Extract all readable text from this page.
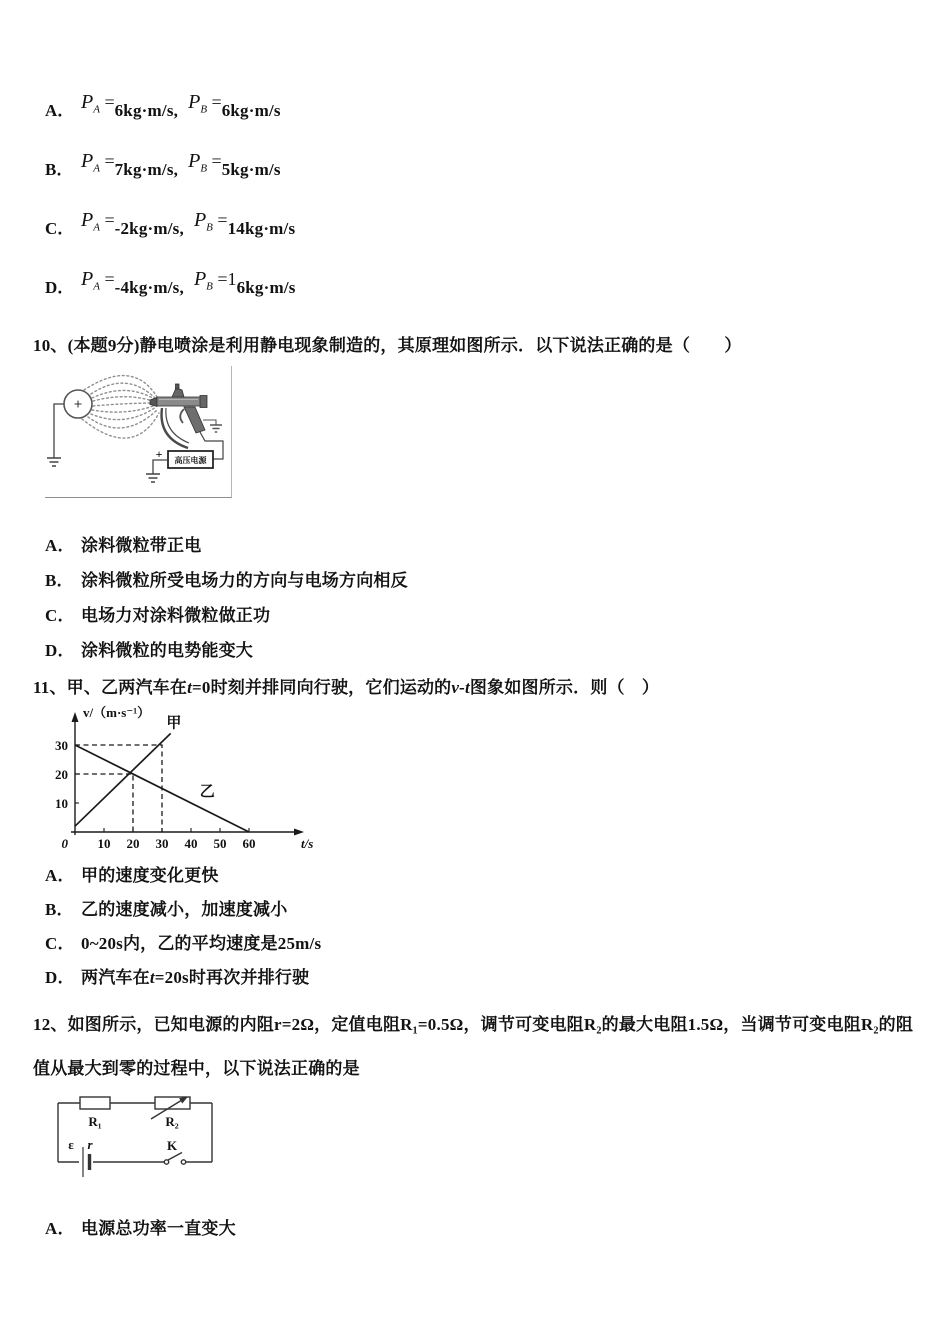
A． $P_A = 6kg\cdot m/s$, $P_B = 6kg\cdot m/s$
B． $P_A = 7kg\cdot m/s$, $P_B = 5kg\cdot m/s$
C． $P_A = -2kg\cdot m/s$, $P_B = 14kg\cdot m/s$
D． $P_A = -4kg\cdot m/s$, $P_B =1$ 6kg·m/s
10、(本题9分)静电喷涂是利用静电现象制造的，其原理如图所示．以下说法正确的是（　　）
+
高压电源
+
A． 涂料微粒带正电
B． 涂料微粒所受电场力的方向与电场方向相反
C． 电场力对涂料微粒做正功
D． 涂料微粒的电势能变大
11、甲、乙两汽车在t=0时刻并排同向行驶，它们运动的v-t图象如图所示．则（　）
10 20 30 40 50 60
10
20
30
0	t/s
v/（m·s⁻¹）
甲
乙
A． 甲的速度变化更快
B． 乙的速度减小，加速度减小
C． 0~20s内，乙的平均速度是25m/s
D． 两汽车在t=20s时再次并排行驶
12、如图所示，已知电源的内阻r=2Ω，定值电阻R₁=0.5Ω，调节可变电阻R₂的最大电阻1.5Ω，当调节可变电阻R₂的阻值从最大到零的过程中，以下说法正确的是
R₁	R₂
ε r	K
A． 电源总功率一直变大
